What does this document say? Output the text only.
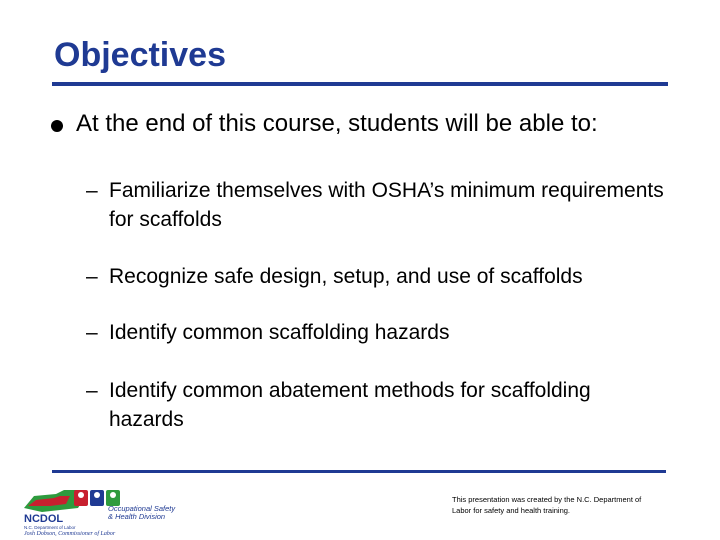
Objectives

At the end of this course, students will be able to:

– Familiarize themselves with OSHA’s minimum requirements for scaffolds
– Recognize safe design, setup, and use of scaffolds
– Identify common scaffolding hazards
– Identify common abatement methods for scaffolding hazards
NCDOL
N.C. Department of Labor
Occupational Safety
& Health Division
Josh Dobson, Commissioner of Labor
This presentation was created by the N.C. Department of Labor for safety and health training.
